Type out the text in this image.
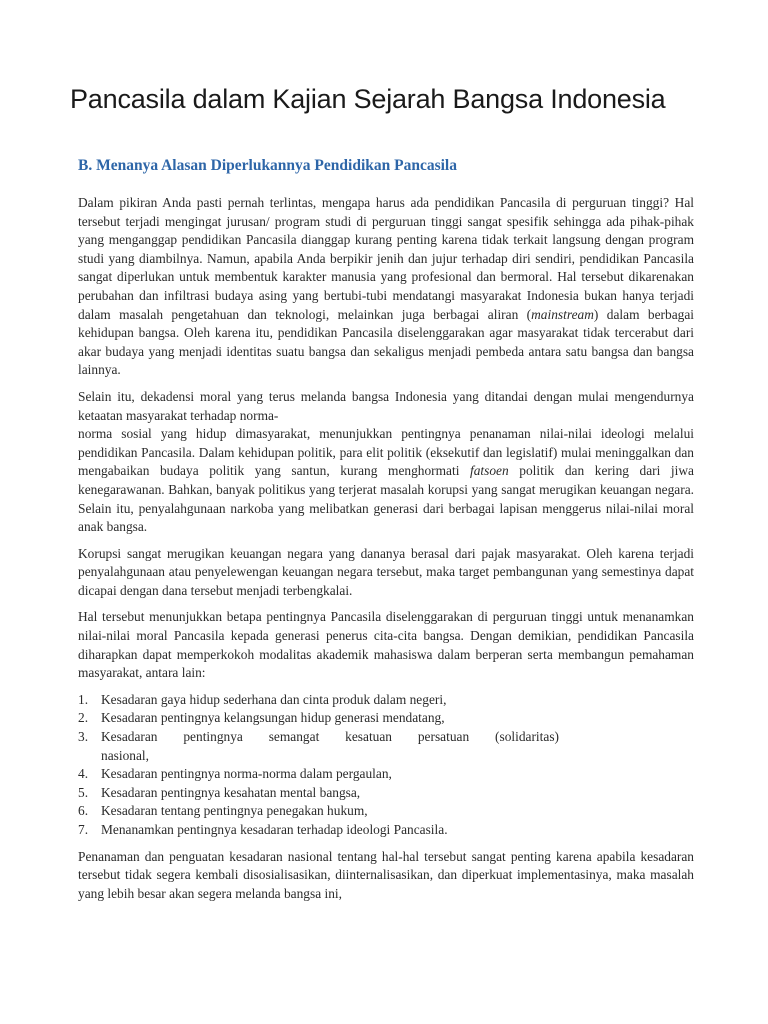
Pancasila dalam Kajian Sejarah Bangsa Indonesia
B. Menanya Alasan Diperlukannya Pendidikan Pancasila

Dalam pikiran Anda pasti pernah terlintas, mengapa harus ada pendidikan Pancasila di perguruan tinggi? Hal tersebut terjadi mengingat jurusan/ program studi di perguruan tinggi sangat spesifik sehingga ada pihak-pihak yang menganggap pendidikan Pancasila dianggap kurang penting karena tidak terkait langsung dengan program studi yang diambilnya. Namun, apabila Anda berpikir jenih dan jujur terhadap diri sendiri, pendidikan Pancasila sangat diperlukan untuk membentuk karakter manusia yang profesional dan bermoral. Hal tersebut dikarenakan perubahan dan infiltrasi budaya asing yang bertubi-tubi mendatangi masyarakat Indonesia bukan hanya terjadi dalam masalah pengetahuan dan teknologi, melainkan juga berbagai aliran (mainstream) dalam berbagai kehidupan bangsa. Oleh karena itu, pendidikan Pancasila diselenggarakan agar masyarakat tidak tercerabut dari akar budaya yang menjadi identitas suatu bangsa dan sekaligus menjadi pembeda antara satu bangsa dan bangsa lainnya.

Selain itu, dekadensi moral yang terus melanda bangsa Indonesia yang ditandai dengan mulai mengendurnya ketaatan masyarakat terhadap norma-

norma sosial yang hidup dimasyarakat, menunjukkan pentingnya penanaman nilai-nilai ideologi melalui pendidikan Pancasila. Dalam kehidupan politik, para elit politik (eksekutif dan legislatif) mulai meninggalkan dan mengabaikan budaya politik yang santun, kurang menghormati fatsoen politik dan kering dari jiwa kenegarawanan. Bahkan, banyak politikus yang terjerat masalah korupsi yang sangat merugikan keuangan negara. Selain itu, penyalahgunaan narkoba yang melibatkan generasi dari berbagai lapisan menggerus nilai-nilai moral anak bangsa.

Korupsi sangat merugikan keuangan negara yang dananya berasal dari pajak masyarakat. Oleh karena terjadi penyalahgunaan atau penyelewengan keuangan negara tersebut, maka target pembangunan yang semestinya dapat dicapai dengan dana tersebut menjadi terbengkalai.

Hal tersebut menunjukkan betapa pentingnya Pancasila diselenggarakan di perguruan tinggi untuk menanamkan nilai-nilai moral Pancasila kepada generasi penerus cita-cita bangsa. Dengan demikian, pendidikan Pancasila diharapkan dapat memperkokoh modalitas akademik mahasiswa dalam berperan serta membangun pemahaman masyarakat, antara lain:

1. Kesadaran gaya hidup sederhana dan cinta produk dalam negeri,
2. Kesadaran pentingnya kelangsungan hidup generasi mendatang,
3. Kesadaran pentingnya semangat kesatuan persatuan (solidaritas)
nasional,
4. Kesadaran pentingnya norma-norma dalam pergaulan,
5. Kesadaran pentingnya kesahatan mental bangsa,
6. Kesadaran tentang pentingnya penegakan hukum,
7. Menanamkan pentingnya kesadaran terhadap ideologi Pancasila.

Penanaman dan penguatan kesadaran nasional tentang hal-hal tersebut sangat penting karena apabila kesadaran tersebut tidak segera kembali disosialisasikan, diinternalisasikan, dan diperkuat implementasinya, maka masalah yang lebih besar akan segera melanda bangsa ini,
